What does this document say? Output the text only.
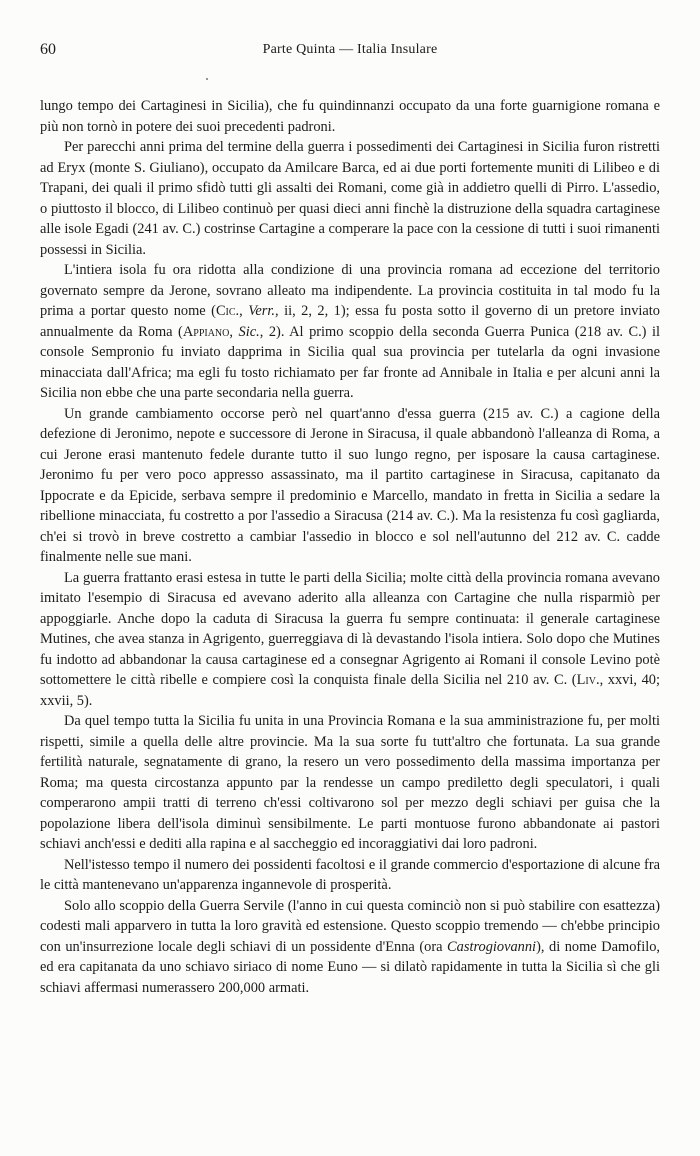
60	Parte Quinta — Italia Insulare

lungo tempo dei Cartaginesi in Sicilia), che fu quindinnanzi occupato da una forte guarnigione romana e più non tornò in potere dei suoi precedenti padroni.

Per parecchi anni prima del termine della guerra i possedimenti dei Cartaginesi in Sicilia furon ristretti ad Eryx (monte S. Giuliano), occupato da Amilcare Barca, ed ai due porti fortemente muniti di Lilibeo e di Trapani, dei quali il primo sfidò tutti gli assalti dei Romani, come già in addietro quelli di Pirro. L'assedio, o piuttosto il blocco, di Lilibeo continuò per quasi dieci anni finchè la distruzione della squadra cartaginese alle isole Egadi (241 av. C.) costrinse Cartagine a comperare la pace con la cessione di tutti i suoi rimanenti possessi in Sicilia.

L'intiera isola fu ora ridotta alla condizione di una provincia romana ad eccezione del territorio governato sempre da Jerone, sovrano alleato ma indipendente. La provincia costituita in tal modo fu la prima a portar questo nome (Cic., Verr., ii, 2, 2, 1); essa fu posta sotto il governo di un pretore inviato annualmente da Roma (Appiano, Sic., 2). Al primo scoppio della seconda Guerra Punica (218 av. C.) il console Sempronio fu inviato dapprima in Sicilia qual sua provincia per tutelarla da ogni invasione minacciata dall'Africa; ma egli fu tosto richiamato per far fronte ad Annibale in Italia e per alcuni anni la Sicilia non ebbe che una parte secondaria nella guerra.

Un grande cambiamento occorse però nel quart'anno d'essa guerra (215 av. C.) a cagione della defezione di Jeronimo, nepote e successore di Jerone in Siracusa, il quale abbandonò l'alleanza di Roma, a cui Jerone erasi mantenuto fedele durante tutto il suo lungo regno, per isposare la causa cartaginese. Jeronimo fu per vero poco appresso assassinato, ma il partito cartaginese in Siracusa, capitanato da Ippocrate e da Epicide, serbava sempre il predominio e Marcello, mandato in fretta in Sicilia a sedare la ribellione minacciata, fu costretto a por l'assedio a Siracusa (214 av. C.). Ma la resistenza fu così gagliarda, ch'ei si trovò in breve costretto a cambiar l'assedio in blocco e sol nell'autunno del 212 av. C. cadde finalmente nelle sue mani.

La guerra frattanto erasi estesa in tutte le parti della Sicilia; molte città della provincia romana avevano imitato l'esempio di Siracusa ed avevano aderito alla alleanza con Cartagine che nulla risparmiò per appoggiarle. Anche dopo la caduta di Siracusa la guerra fu sempre continuata: il generale cartaginese Mutines, che avea stanza in Agrigento, guerreggiava di là devastando l'isola intiera. Solo dopo che Mutines fu indotto ad abbandonar la causa cartaginese ed a consegnar Agrigento ai Romani il console Levino potè sottomettere le città ribelle e compiere così la conquista finale della Sicilia nel 210 av. C. (Liv., xxvi, 40; xxvii, 5).

Da quel tempo tutta la Sicilia fu unita in una Provincia Romana e la sua amministrazione fu, per molti rispetti, simile a quella delle altre provincie. Ma la sua sorte fu tutt'altro che fortunata. La sua grande fertilità naturale, segnatamente di grano, la resero un vero possedimento della massima importanza per Roma; ma questa circostanza appunto par la rendesse un campo prediletto degli speculatori, i quali comperarono ampii tratti di terreno ch'essi coltivarono sol per mezzo degli schiavi per guisa che la popolazione libera dell'isola diminuì sensibilmente. Le parti montuose furono abbandonate ai pastori schiavi anch'essi e dediti alla rapina e al saccheggio ed incoraggiativi dai loro padroni.

Nell'istesso tempo il numero dei possidenti facoltosi e il grande commercio d'esportazione di alcune fra le città mantenevano un'apparenza ingannevole di prosperità.

Solo allo scoppio della Guerra Servile (l'anno in cui questa cominciò non si può stabilire con esattezza) codesti mali apparvero in tutta la loro gravità ed estensione. Questo scoppio tremendo — ch'ebbe principio con un'insurrezione locale degli schiavi di un possidente d'Enna (ora Castrogiovanni), di nome Damofilo, ed era capitanata da uno schiavo siriaco di nome Euno — si dilatò rapidamente in tutta la Sicilia sì che gli schiavi affermasi numerassero 200,000 armati.
